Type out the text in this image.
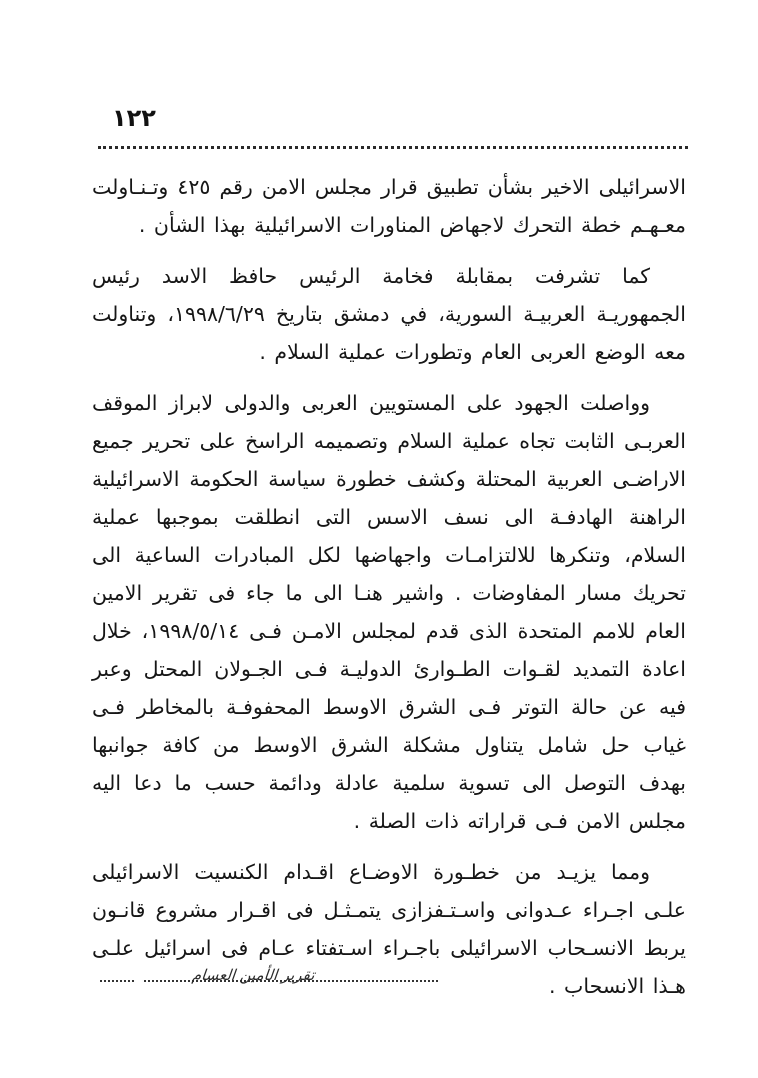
١٢٢

الاسرائيلى الاخير بشأن تطبيق قرار مجلس الامن رقم ٤٢٥ وتـنـاولت معـهـم خطة التحرك لاجهاض المناورات الاسرائيلية بهذا الشأن .

كما تشرفت بمقابلة فخامة الرئيس حافظ الاسد رئيس الجمهوريـة العربيـة السورية، في دمشق بتاريخ ١٩٩٨/٦/٢٩، وتناولت معه الوضع العربى العام وتطورات عملية السلام .

وواصلت الجهود على المستويين العربى والدولى لابراز الموقف العربـى الثابت تجاه عملية السلام وتصميمه الراسخ على تحرير جميع الاراضـى العربية المحتلة وكشف خطورة سياسة الحكومة الاسرائيلية الراهنة الهادفـة الى نسف الاسس التى انطلقت بموجبها عملية السلام، وتنكرها للالتزامـات واجهاضها لكل المبادرات الساعية الى تحريك مسار المفاوضات . واشير هنـا الى ما جاء فى تقرير الامين العام للامم المتحدة الذى قدم لمجلس الامـن فـى ١٩٩٨/٥/١٤، خلال اعادة التمديد لقـوات الطـوارئ الدوليـة فـى الجـولان المحتل وعبر فيه عن حالة التوتر فـى الشرق الاوسط المحفوفـة بالمخاطر فـى غياب حل شامل يتناول مشكلة الشرق الاوسط من كافة جوانبها بهدف التوصل الى تسوية سلمية عادلة ودائمة حسب ما دعا اليه مجلس الامن فـى قراراته ذات الصلة .

ومما يزيـد من خطـورة الاوضـاع اقـدام الكنسيت الاسرائيلى علـى اجـراء عـدوانى واسـتـفزازى يتمـثـل فى اقـرار مشروع قانـون يربط الانسـحاب الاسرائيلى باجـراء اسـتفتاء عـام فى اسرائيل علـى هـذا الانسحاب .

تقرير الأمين العسام
